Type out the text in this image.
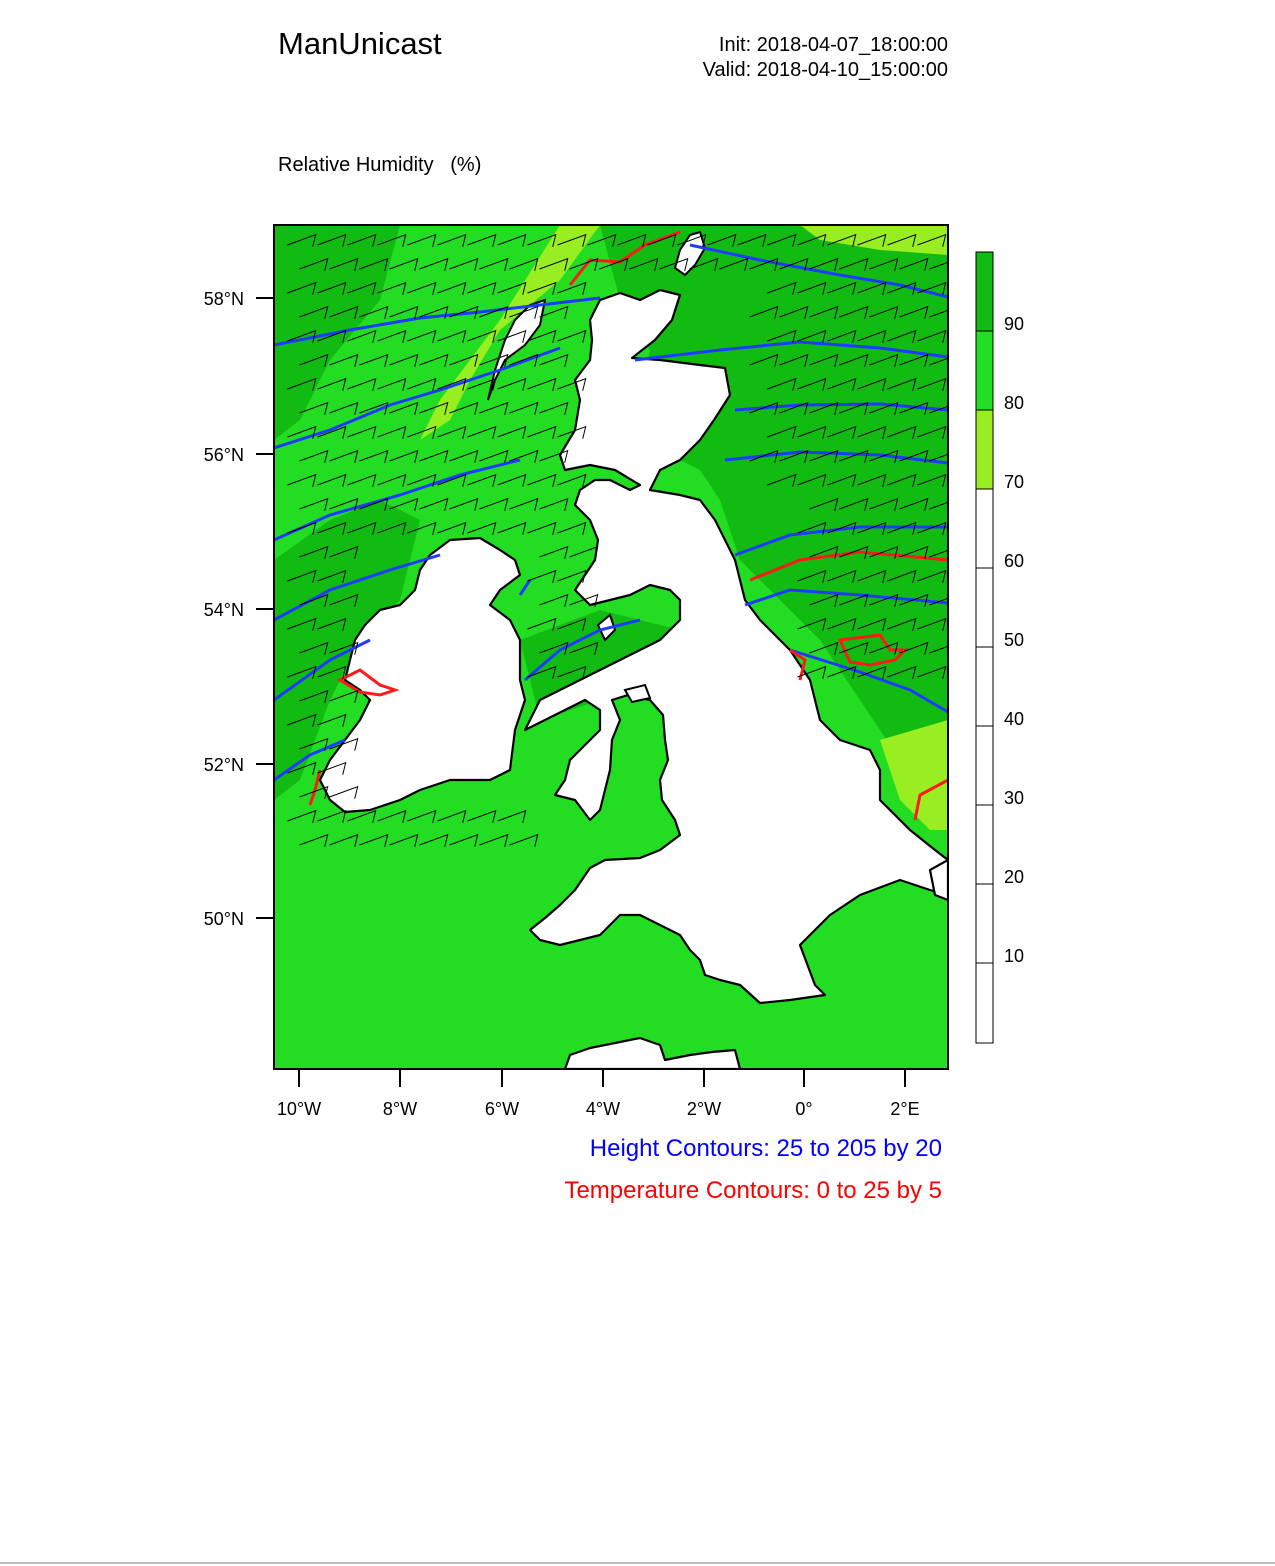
ManUnicast	Init: 2018-04-07_18:00:00
Valid: 2018-04-10_15:00:00

Relative Humidity   (%)

58°N
56°N
54°N
52°N
50°N
10°W	8°W	6°W	4°W	2°W	0°	2°E
90
80
70
60
50
40
30
20
10
Height Contours: 25 to 205 by 20
Temperature Contours: 0 to 25 by 5
